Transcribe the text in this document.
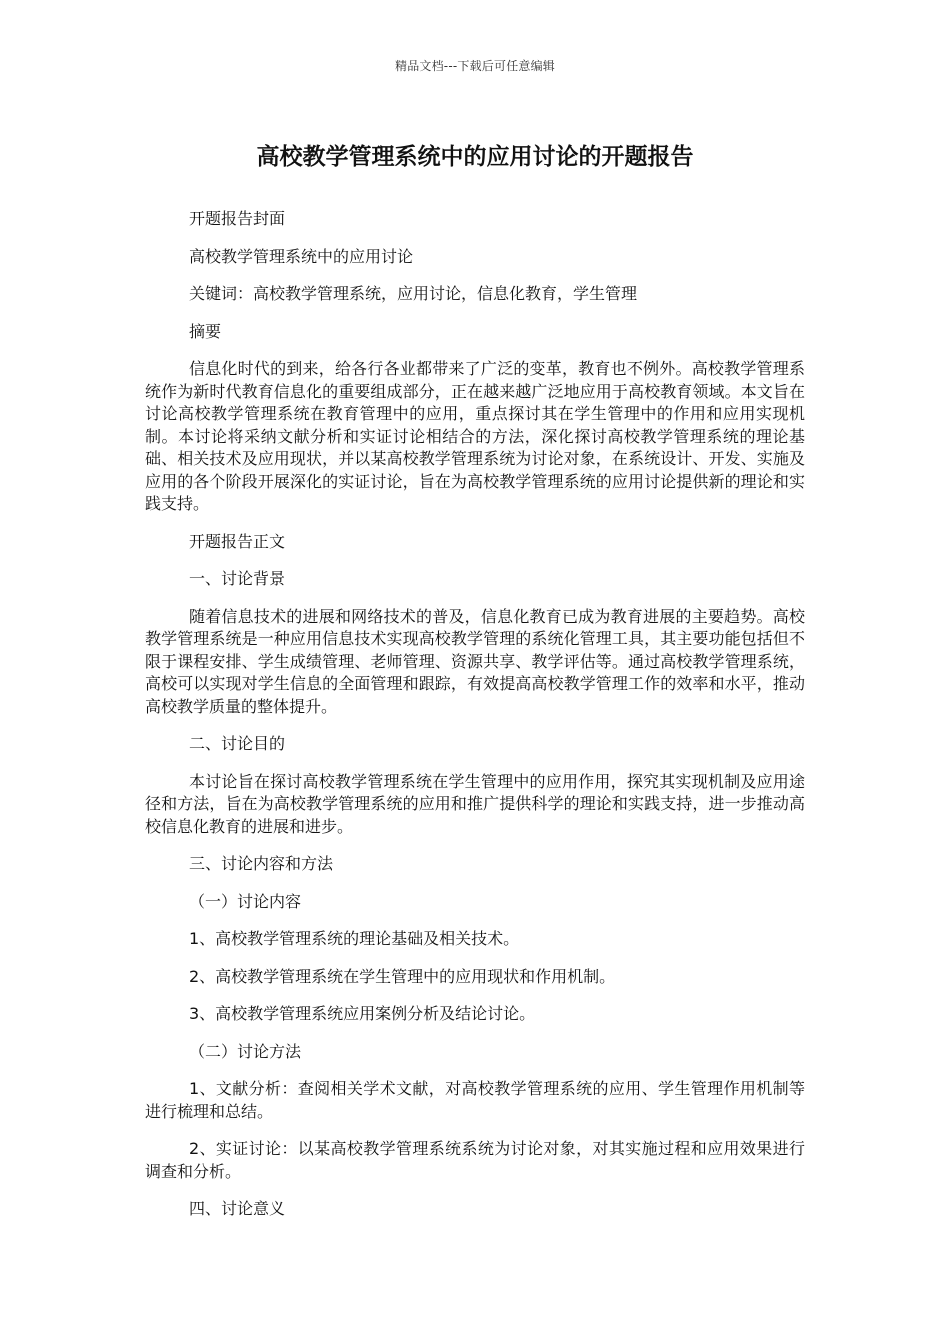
精品文档---下载后可任意编辑
高校教学管理系统中的应用讨论的开题报告

开题报告封面

高校教学管理系统中的应用讨论

关键词：高校教学管理系统，应用讨论，信息化教育，学生管理

摘要

信息化时代的到来，给各行各业都带来了广泛的变革，教育也不例外。高校教学管理系统作为新时代教育信息化的重要组成部分，正在越来越广泛地应用于高校教育领域。本文旨在讨论高校教学管理系统在教育管理中的应用，重点探讨其在学生管理中的作用和应用实现机制。本讨论将采纳文献分析和实证讨论相结合的方法，深化探讨高校教学管理系统的理论基础、相关技术及应用现状，并以某高校教学管理系统为讨论对象，在系统设计、开发、实施及应用的各个阶段开展深化的实证讨论，旨在为高校教学管理系统的应用讨论提供新的理论和实践支持。

开题报告正文

一、讨论背景

随着信息技术的进展和网络技术的普及，信息化教育已成为教育进展的主要趋势。高校教学管理系统是一种应用信息技术实现高校教学管理的系统化管理工具，其主要功能包括但不限于课程安排、学生成绩管理、老师管理、资源共享、教学评估等。通过高校教学管理系统，高校可以实现对学生信息的全面管理和跟踪，有效提高高校教学管理工作的效率和水平，推动高校教学质量的整体提升。

二、讨论目的

本讨论旨在探讨高校教学管理系统在学生管理中的应用作用，探究其实现机制及应用途径和方法，旨在为高校教学管理系统的应用和推广提供科学的理论和实践支持，进一步推动高校信息化教育的进展和进步。

三、讨论内容和方法

（一）讨论内容

1、高校教学管理系统的理论基础及相关技术。

2、高校教学管理系统在学生管理中的应用现状和作用机制。

3、高校教学管理系统应用案例分析及结论讨论。

（二）讨论方法

1、文献分析：查阅相关学术文献，对高校教学管理系统的应用、学生管理作用机制等进行梳理和总结。

2、实证讨论：以某高校教学管理系统系统为讨论对象，对其实施过程和应用效果进行调查和分析。

四、讨论意义
